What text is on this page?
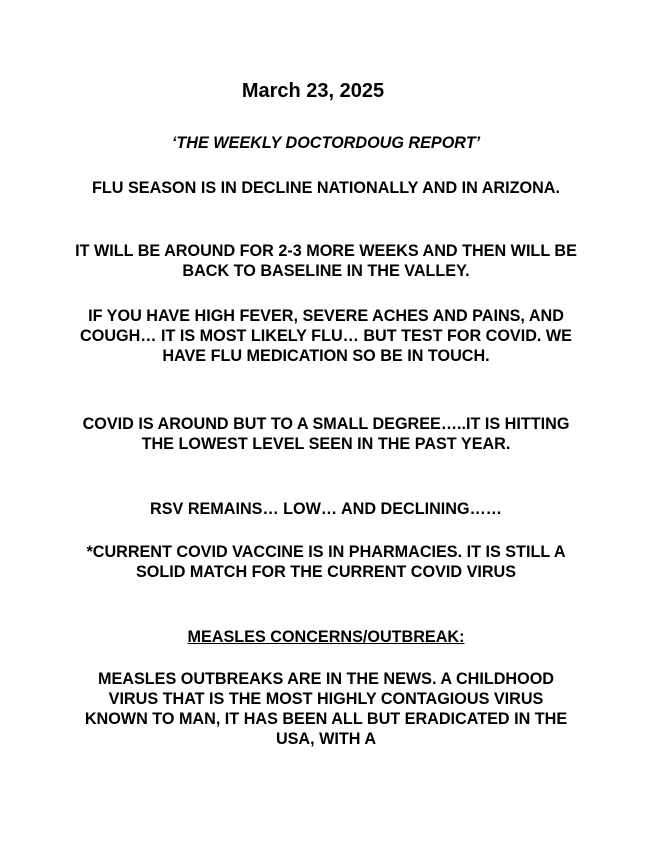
March 23, 2025
‘THE WEEKLY DOCTORDOUG REPORT’
FLU SEASON IS IN DECLINE NATIONALLY AND IN ARIZONA.
IT WILL BE AROUND FOR 2-3 MORE WEEKS AND THEN WILL BE BACK TO BASELINE IN THE VALLEY.
IF YOU HAVE HIGH FEVER, SEVERE ACHES AND PAINS, AND COUGH… IT IS MOST LIKELY FLU… BUT TEST FOR COVID. WE HAVE FLU MEDICATION SO BE IN TOUCH.
COVID IS AROUND BUT TO A SMALL DEGREE…..IT IS HITTING THE LOWEST LEVEL SEEN IN THE PAST YEAR.
RSV REMAINS… LOW… AND DECLINING……
*CURRENT COVID VACCINE IS IN PHARMACIES. IT IS STILL A SOLID MATCH FOR THE CURRENT COVID VIRUS
MEASLES CONCERNS/OUTBREAK:
MEASLES OUTBREAKS ARE IN THE NEWS. A CHILDHOOD VIRUS THAT IS THE MOST HIGHLY CONTAGIOUS VIRUS KNOWN TO MAN, IT HAS BEEN ALL BUT ERADICATED IN THE USA, WITH A
